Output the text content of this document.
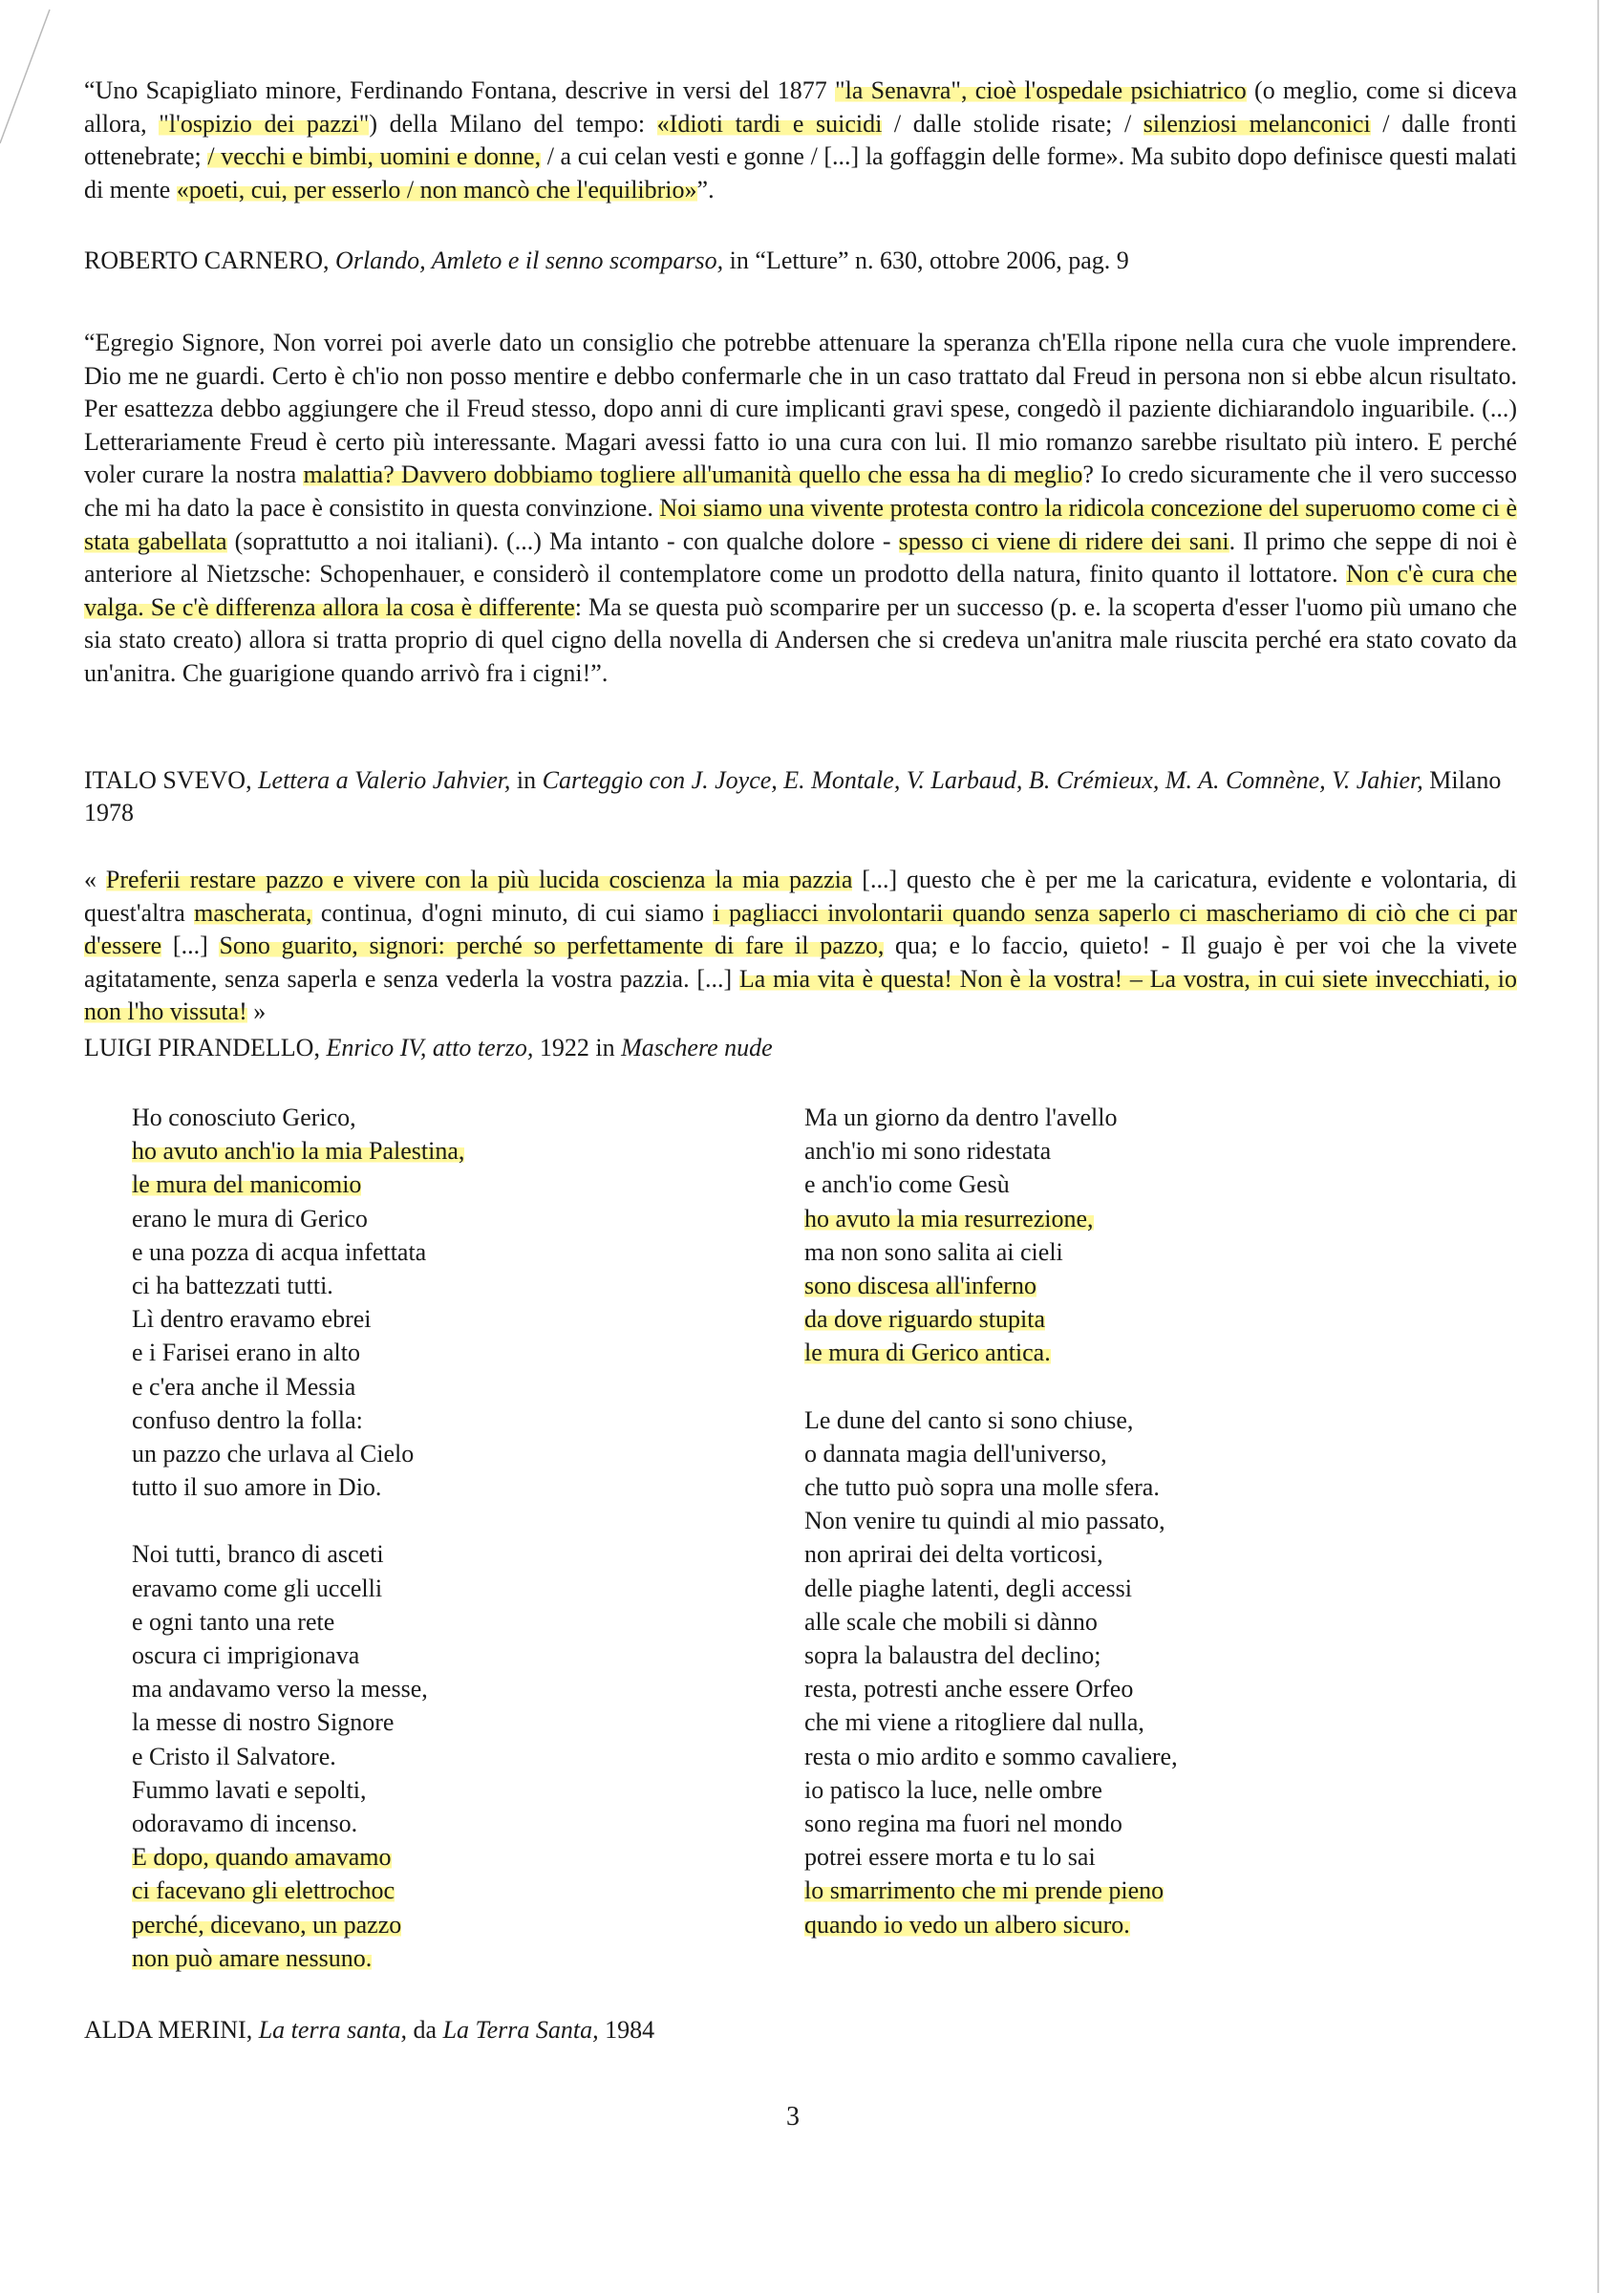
“Uno Scapigliato minore, Ferdinando Fontana, descrive in versi del 1877 "la Senavra", cioè l'ospedale psichiatrico (o meglio, come si diceva allora, "l'ospizio dei pazzi") della Milano del tempo: «Idioti tardi e suicidi / dalle stolide risate; / silenziosi melanconici / dalle fronti ottenebrate; / vecchi e bimbi, uomini e donne, / a cui celan vesti e gonne / [...] la goffaggin delle forme». Ma subito dopo definisce questi malati di mente «poeti, cui, per esserlo / non mancò che l'equilibrio»”.

ROBERTO CARNERO, Orlando, Amleto e il senno scomparso, in “Letture” n. 630, ottobre 2006, pag. 9

“Egregio Signore, Non vorrei poi averle dato un consiglio che potrebbe attenuare la speranza ch'Ella ripone nella cura che vuole imprendere. Dio me ne guardi. Certo è ch'io non posso mentire e debbo confermarle che in un caso trattato dal Freud in persona non si ebbe alcun risultato. Per esattezza debbo aggiungere che il Freud stesso, dopo anni di cure implicanti gravi spese, congedò il paziente dichiarandolo inguaribile. (...) Letterariamente Freud è certo più interessante. Magari avessi fatto io una cura con lui. Il mio romanzo sarebbe risultato più intero. E perché voler curare la nostra malattia? Davvero dobbiamo togliere all'umanità quello che essa ha di meglio? Io credo sicuramente che il vero successo che mi ha dato la pace è consistito in questa convinzione. Noi siamo una vivente protesta contro la ridicola concezione del superuomo come ci è stata gabellata (soprattutto a noi italiani). (...) Ma intanto - con qualche dolore - spesso ci viene di ridere dei sani. Il primo che seppe di noi è anteriore al Nietzsche: Schopenhauer, e considerò il contemplatore come un prodotto della natura, finito quanto il lottatore. Non c'è cura che valga. Se c'è differenza allora la cosa è differente: Ma se questa può scomparire per un successo (p. e. la scoperta d'esser l'uomo più umano che sia stato creato) allora si tratta proprio di quel cigno della novella di Andersen che si credeva un'anitra male riuscita perché era stato covato da un'anitra. Che guarigione quando arrivò fra i cigni!”.

ITALO SVEVO, Lettera a Valerio Jahvier, in Carteggio con J. Joyce, E. Montale, V. Larbaud, B. Crémieux, M. A. Comnène, V. Jahier, Milano 1978

« Preferii restare pazzo e vivere con la più lucida coscienza la mia pazzia [...] questo che è per me la caricatura, evidente e volontaria, di quest'altra mascherata, continua, d'ogni minuto, di cui siamo i pagliacci involontarii quando senza saperlo ci mascheriamo di ciò che ci par d'essere [...] Sono guarito, signori: perché so perfettamente di fare il pazzo, qua; e lo faccio, quieto! - Il guajo è per voi che la vivete agitatamente, senza saperla e senza vederla la vostra pazzia. [...] La mia vita è questa! Non è la vostra! – La vostra, in cui siete invecchiati, io non l'ho vissuta! »

LUIGI PIRANDELLO, Enrico IV, atto terzo, 1922 in Maschere nude
Ho conosciuto Gerico,
ho avuto anch'io la mia Palestina,
le mura del manicomio
erano le mura di Gerico
e una pozza di acqua infettata
ci ha battezzati tutti.
Lì dentro eravamo ebrei
e i Farisei erano in alto
e c'era anche il Messia
confuso dentro la folla:
un pazzo che urlava al Cielo
tutto il suo amore in Dio.
Noi tutti, branco di asceti
eravamo come gli uccelli
e ogni tanto una rete
oscura ci imprigionava
ma andavamo verso la messe,
la messe di nostro Signore
e Cristo il Salvatore.
Fummo lavati e sepolti,
odoravamo di incenso.
E dopo, quando amavamo
ci facevano gli elettrochoc
perché, dicevano, un pazzo
non può amare nessuno.
Ma un giorno da dentro l'avello
anch'io mi sono ridestata
e anch'io come Gesù
ho avuto la mia resurrezione,
ma non sono salita ai cieli
sono discesa all'inferno
da dove riguardo stupita
le mura di Gerico antica.
Le dune del canto si sono chiuse,
o dannata magia dell'universo,
che tutto può sopra una molle sfera.
Non venire tu quindi al mio passato,
non aprirai dei delta vorticosi,
delle piaghe latenti, degli accessi
alle scale che mobili si dànno
sopra la balaustra del declino;
resta, potresti anche essere Orfeo
che mi viene a ritogliere dal nulla,
resta o mio ardito e sommo cavaliere,
io patisco la luce, nelle ombre
sono regina ma fuori nel mondo
potrei essere morta e tu lo sai
lo smarrimento che mi prende pieno
quando io vedo un albero sicuro.
ALDA MERINI, La terra santa, da La Terra Santa, 1984
3
